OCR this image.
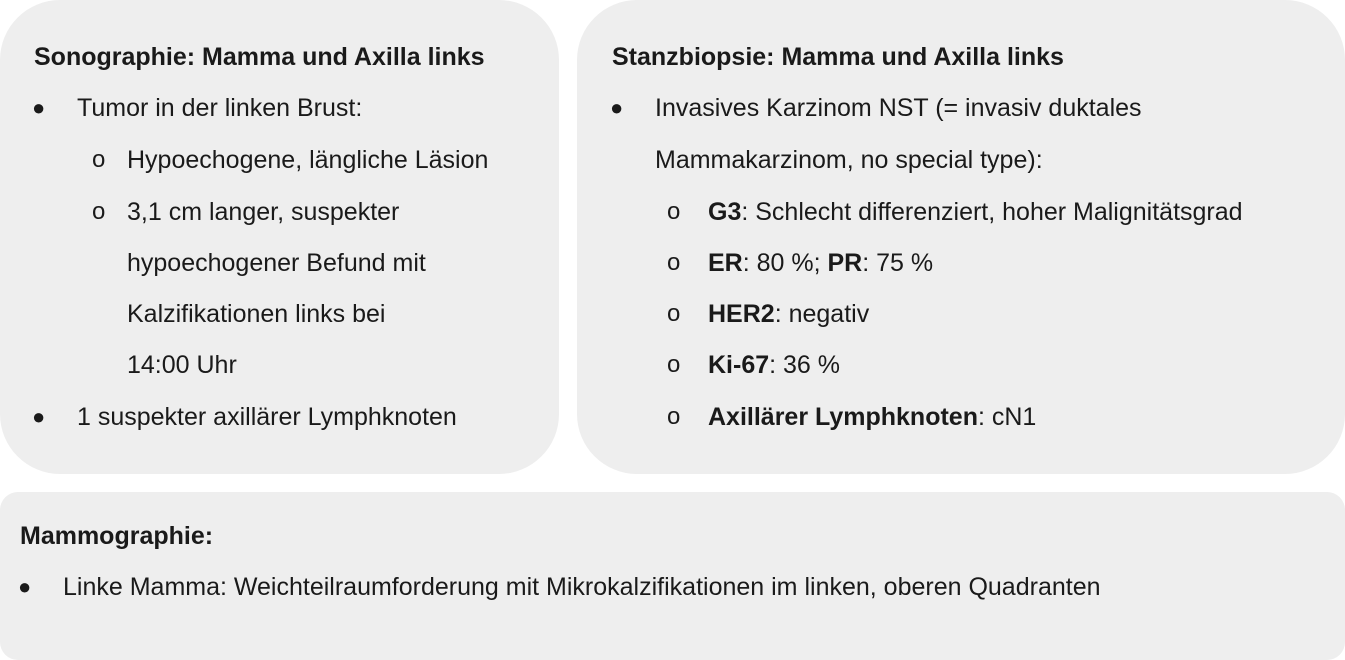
Sonographie: Mamma und Axilla links
● Tumor in der linken Brust:
o Hypoechogene, längliche Läsion
o 3,1 cm langer, suspekter
hypoechogener Befund mit
Kalzifikationen links bei
14:00 Uhr
● 1 suspekter axillärer Lymphknoten
Stanzbiopsie: Mamma und Axilla links
● Invasives Karzinom NST (= invasiv duktales
Mammakarzinom, no special type):
o G3: Schlecht differenziert, hoher Malignitätsgrad
o ER: 80 %; PR: 75 %
o HER2: negativ
o Ki-67: 36 %
o Axillärer Lymphknoten: cN1
Mammographie:
● Linke Mamma: Weichteilraumforderung mit Mikrokalzifikationen im linken, oberen Quadranten
